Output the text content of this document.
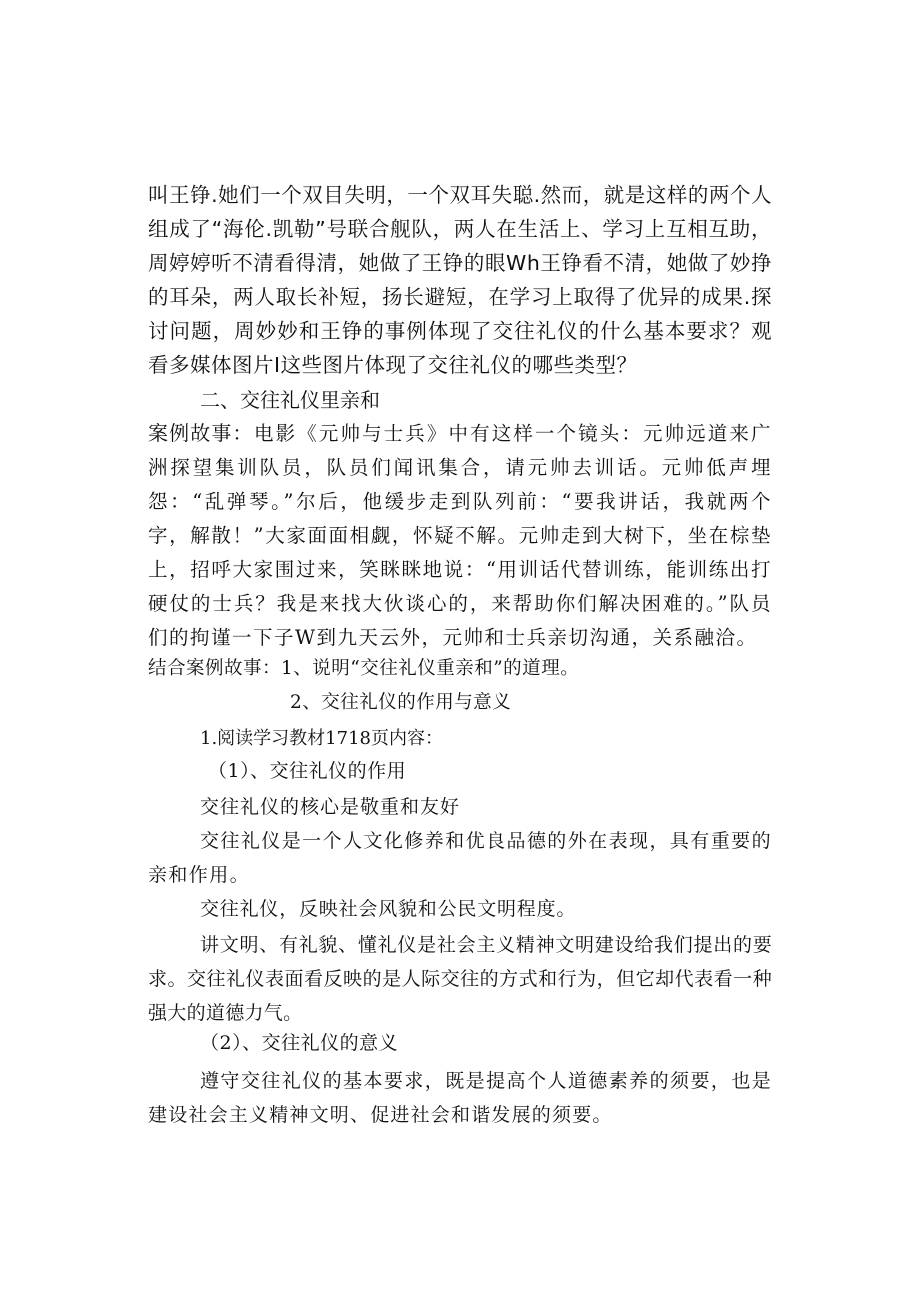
叫王铮.她们一个双目失明，一个双耳失聪.然而，就是这样的两个人组成了“海伦.凯勒”号联合舰队，两人在生活上、学习上互相互助，周婷婷听不清看得清，她做了王铮的眼Wh王铮看不清，她做了妙挣的耳朵，两人取长补短，扬长避短，在学习上取得了优异的成果.探讨问题，周妙妙和王铮的事例体现了交往礼仪的什么基本要求？观看多媒体图片I这些图片体现了交往礼仪的哪些类型？

二、交往礼仪里亲和

案例故事：电影《元帅与士兵》中有这样一个镜头：元帅远道来广洲探望集训队员，队员们闻讯集合，请元帅去训话。元帅低声埋怨：“乱弹琴。”尔后，他缓步走到队列前：“要我讲话，我就两个字，解散！”大家面面相觑，怀疑不解。元帅走到大树下，坐在棕垫上，招呼大家围过来，笑眯眯地说：“用训话代替训练，能训练出打硬仗的士兵？我是来找大伙谈心的，来帮助你们解决困难的。”队员们的拘谨一下子W到九天云外，元帅和士兵亲切沟通，关系融洽。

结合案例故事：1、说明“交往礼仪重亲和”的道理。

2、交往礼仪的作用与意义

1.阅读学习教材1718页内容：

（1）、交往礼仪的作用

交往礼仪的核心是敬重和友好

交往礼仪是一个人文化修养和优良品德的外在表现，具有重要的亲和作用。

交往礼仪，反映社会风貌和公民文明程度。

讲文明、有礼貌、懂礼仪是社会主义精神文明建设给我们提出的要求。交往礼仪表面看反映的是人际交往的方式和行为，但它却代表看一种强大的道德力气。

（2）、交往礼仪的意义

遵守交往礼仪的基本要求，既是提高个人道德素养的须要，也是建设社会主义精神文明、促进社会和谐发展的须要。
